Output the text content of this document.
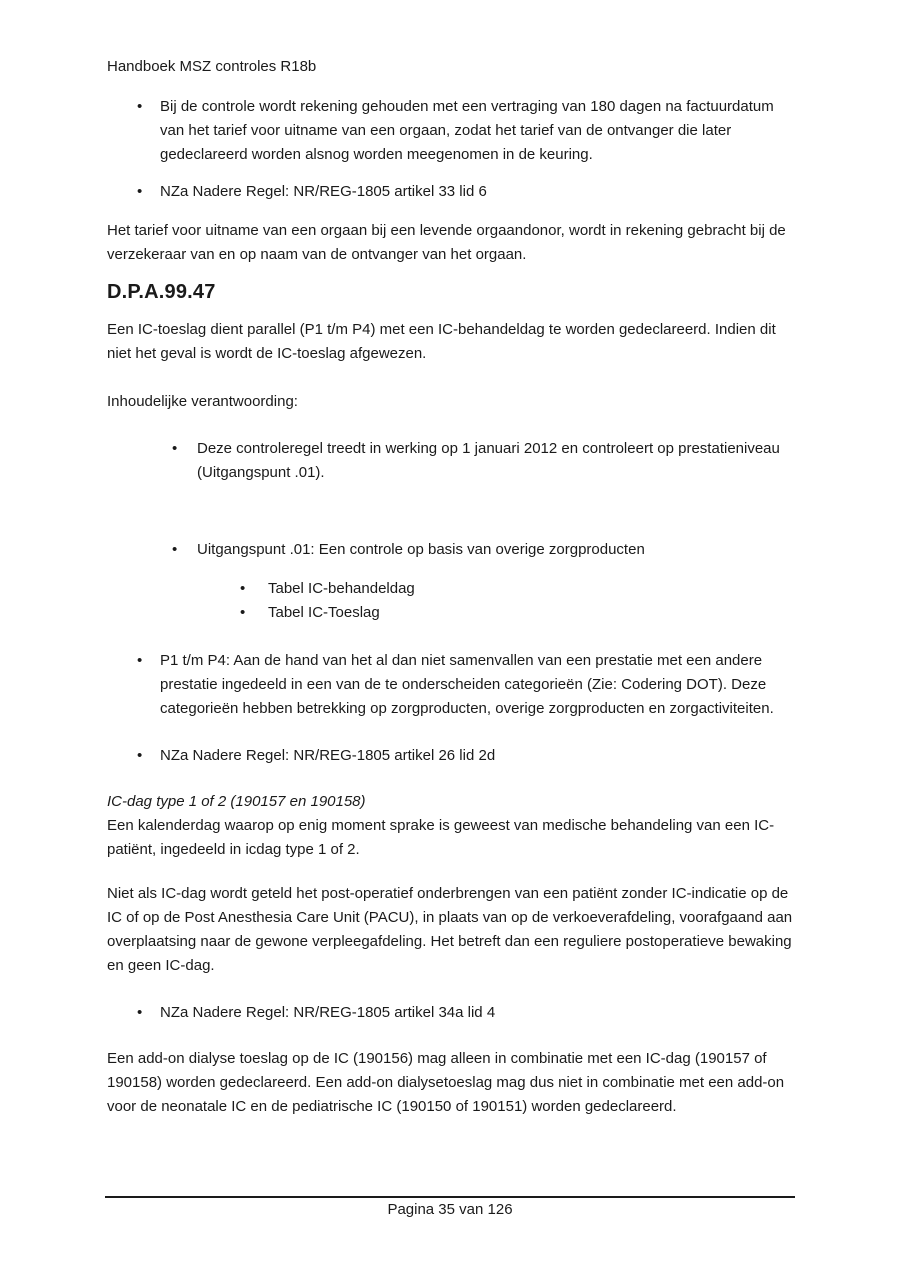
Handboek MSZ controles R18b
•	Bij de controle wordt rekening gehouden met een vertraging van 180 dagen na factuurdatum van het tarief voor uitname van een orgaan, zodat het tarief van de ontvanger die later gedeclareerd worden alsnog worden meegenomen in de keuring.
•	NZa Nadere Regel: NR/REG-1805 artikel 33 lid 6
Het tarief voor uitname van een orgaan bij een levende orgaandonor, wordt in rekening gebracht bij de verzekeraar van en op naam van de ontvanger van het orgaan.
D.P.A.99.47
Een IC-toeslag dient parallel (P1 t/m P4) met een IC-behandeldag te worden gedeclareerd. Indien dit niet het geval is wordt de IC-toeslag afgewezen.
Inhoudelijke verantwoording:
•	Deze controleregel treedt in werking op 1 januari 2012 en controleert op prestatieniveau (Uitgangspunt .01).
•	Uitgangspunt .01: Een controle op basis van overige zorgproducten
•	Tabel IC-behandeldag
•	Tabel IC-Toeslag
•	P1 t/m P4: Aan de hand van het al dan niet samenvallen van een prestatie met een andere prestatie ingedeeld in een van de te onderscheiden categorieën (Zie: Codering DOT). Deze categorieën hebben betrekking op zorgproducten, overige zorgproducten en zorgactiviteiten.
•	NZa Nadere Regel: NR/REG-1805 artikel 26 lid 2d
IC-dag type 1 of 2 (190157 en 190158)
Een kalenderdag waarop op enig moment sprake is geweest van medische behandeling van een IC-patiënt, ingedeeld in icdag type 1 of 2.
Niet als IC-dag wordt geteld het post-operatief onderbrengen van een patiënt zonder IC-indicatie op de IC of op de Post Anesthesia Care Unit (PACU), in plaats van op de verkoeverafdeling, voorafgaand aan overplaatsing naar de gewone verpleegafdeling. Het betreft dan een reguliere postoperatieve bewaking en geen IC-dag.
•	NZa Nadere Regel: NR/REG-1805 artikel 34a lid 4
Een add-on dialyse toeslag op de IC (190156) mag alleen in combinatie met een IC-dag (190157 of 190158) worden gedeclareerd. Een add-on dialysetoeslag mag dus niet in combinatie met een add-on voor de neonatale IC en de pediatrische IC (190150 of 190151) worden gedeclareerd.
Pagina 35 van 126
